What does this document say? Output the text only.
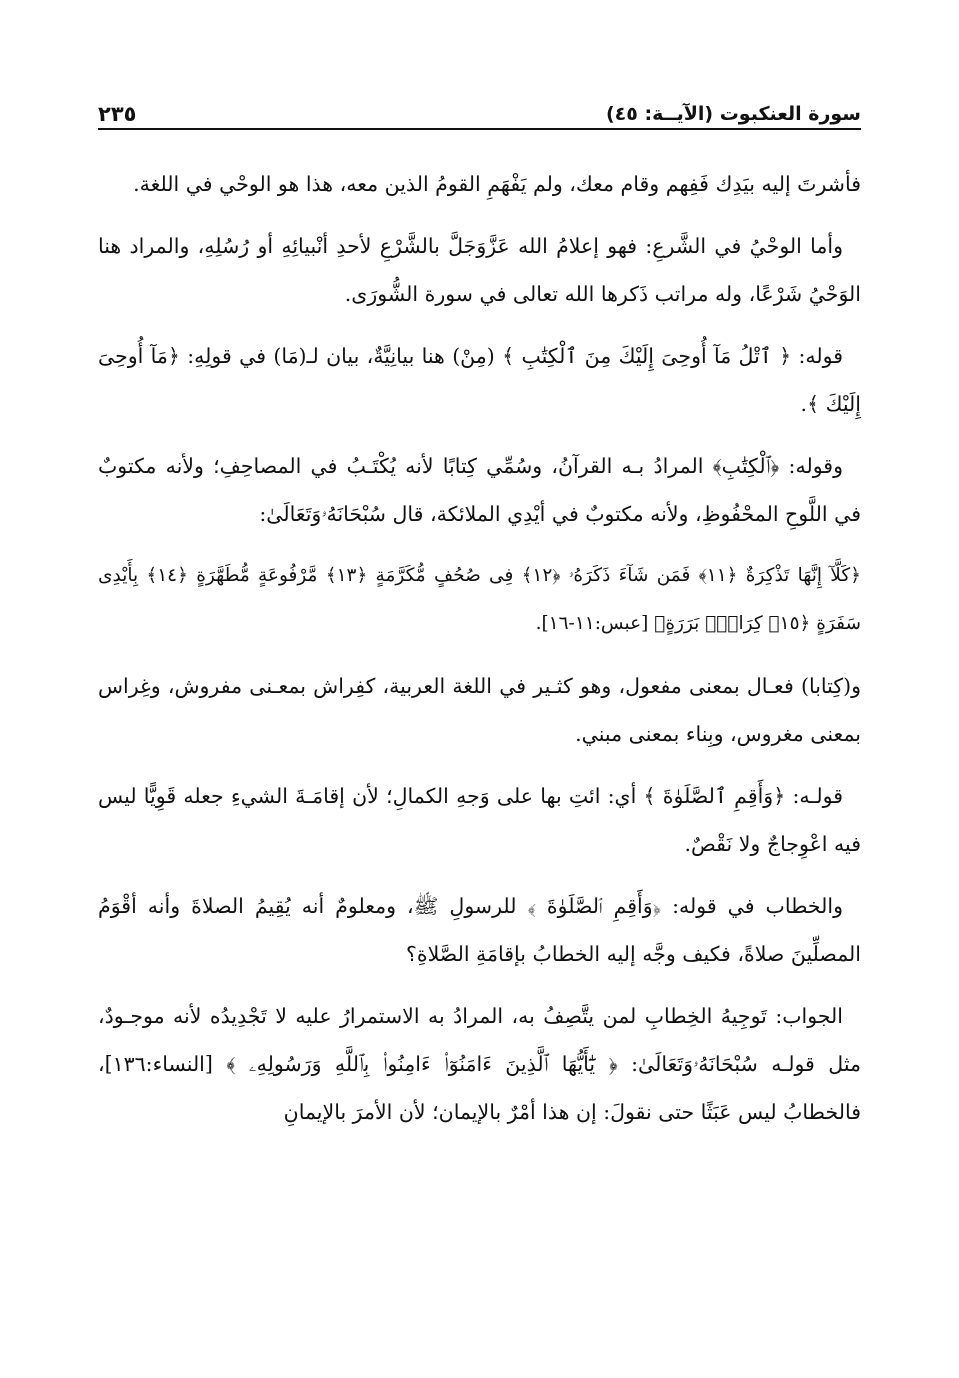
سورة العنكبوت (الآيــة: ٤٥)
٢٣٥

فأشرتَ إليه بيَدِك فَفِهم وقام معك، ولم يَفْهَمِ القومُ الذين معه، هذا هو الوحْي في اللغة.

وأما الوحْيُ في الشَّرعِ: فهو إعلامُ الله عَزَّوَجَلَّ بالشَّرْعِ لأحدِ أنْبيائِهِ أو رُسُلِهِ، والمراد هنا الوَحْيُ شَرْعًا، وله مراتب ذَكرها الله تعالى في سورة الشُّورَى.

قوله: ﴿ ٱتْلُ مَآ أُوحِىَ إِلَيْكَ مِنَ ٱلْكِتَٰبِ ﴾ (مِنْ) هنا بيانِيَّةٌ، بيان لـ(مَا) في قولِهِ: ﴿مَآ أُوحِىَ إِلَيْكَ ﴾.

وقوله: ﴿ٱلْكِتَٰبِ﴾ المرادُ بـه القرآنُ، وسُمِّي كِتابًا لأنه يُكْتَـبُ في المصاحِفِ؛ ولأنه مكتوبٌ في اللَّوحِ المحْفُوظِ، ولأنه مكتوبٌ في أيْدِي الملائكة، قال سُبْحَانَهُۥوَتَعَالَىٰ:

﴿كَلَّآ إِنَّهَا تَذْكِرَةٌ ﴿١١﴾ فَمَن شَآءَ ذَكَرَهُۥ ﴿١٢﴾ فِى صُحُفٍ مُّكَرَّمَةٍ ﴿١٣﴾ مَّرْفُوعَةٍ مُّطَهَّرَةٍ ﴿١٤﴾ بِأَيْدِى سَفَرَةٍ ﴿١٥﴾ كِرَامٍۭ بَرَرَةٍ﴾ [عبس:١١-١٦].

و(كِتابا) فعـال بمعنى مفعول، وهو كثـير في اللغة العربية، كفِراش بمعـنى مفروش، وغِراس بمعنى مغروس، وبِناء بمعنى مبني.

قولـه: ﴿وَأَقِمِ ٱلصَّلَوٰةَ ﴾ أي: ائتِ بها على وَجهِ الكمالِ؛ لأن إقامَـةَ الشيءِ جعله قَوِيًّا ليس فيه اعْوِجاجٌ ولا نَقْصٌ.

والخطاب في قوله: ﴿وَأَقِمِ ٱلصَّلَوٰةَ ﴾ للرسولِ ﷺ، ومعلومٌ أنه يُقِيمُ الصلاةَ وأنه أقْوَمُ المصلِّينَ صلاةً، فكيف وجَّه إليه الخطابُ بإقامَةِ الصَّلاةِ؟

الجواب: تَوجِيهُ الخِطابِ لمن يتَّصِفُ به، المرادُ به الاستمرارُ عليه لا تَجْدِيدُه لأنه موجـودٌ، مثل قولـه سُبْحَانَهُۥوَتَعَالَىٰ: ﴿ يَٰٓأَيُّهَا ٱلَّذِينَ ءَامَنُوٓا۟ ءَامِنُوا۟ بِٱللَّهِ وَرَسُولِهِۦ ﴾ [النساء:١٣٦]، فالخطابُ ليس عَبَثًا حتى نقولَ: إن هذا أمْرٌ بالإيمان؛ لأن الأمرَ بالإيمانِ
